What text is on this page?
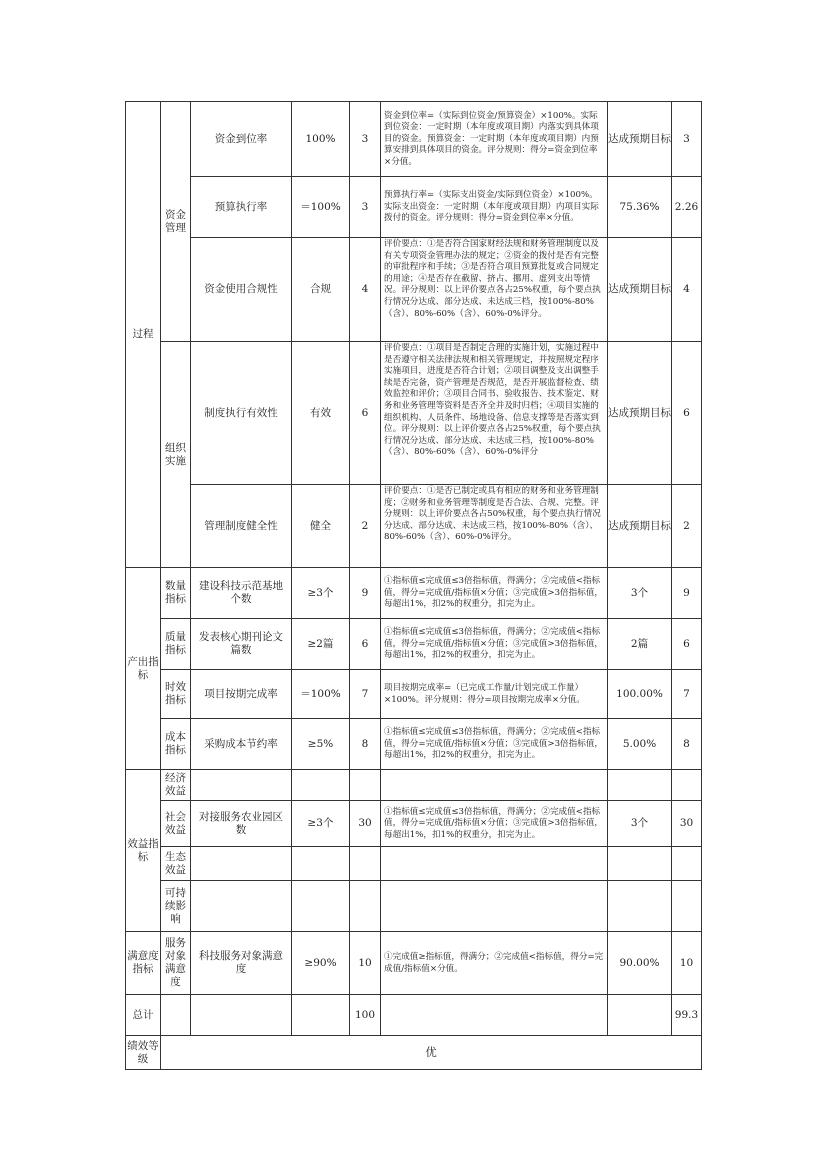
过程	资金管理	资金到位率	100%	3	资金到位率=（实际到位资金/预算资金）×100%。实际到位资金：一定时期（本年度或项目期）内落实到具体项目的资金。预算资金：一定时期（本年度或项目期）内预算安排到具体项目的资金。评分规则：得分=资金到位率×分值。	达成预期目标	3
		预算执行率	＝100%	3	预算执行率=（实际支出资金/实际到位资金）×100%。实际支出资金：一定时期（本年度或项目期）内项目实际拨付的资金。评分规则：得分=资金到位率×分值。	75.36%	2.26
		资金使用合规性	合规	4	评价要点：①是否符合国家财经法规和财务管理制度以及有关专项资金管理办法的规定；②资金的拨付是否有完整的审批程序和手续；③是否符合项目预算批复或合同规定的用途；④是否存在截留、挤占、挪用、虚列支出等情况。评分规则：以上评价要点各占25%权重，每个要点执行情况分达成、部分达成、未达成三档，按100%-80%（含）、80%-60%（含）、60%-0%评分。	达成预期目标	4
	组织实施	制度执行有效性	有效	6	评价要点：①项目是否制定合理的实施计划，实施过程中是否遵守相关法律法规和相关管理规定，并按照规定程序实施项目，进度是否符合计划；②项目调整及支出调整手续是否完备，资产管理是否规范，是否开展监督检查、绩效监控和评价；③项目合同书、验收报告、技术鉴定、财务和业务管理等资料是否齐全并及时归档；④项目实施的组织机构、人员条件、场地设备、信息支撑等是否落实到位。评分规则：以上评价要点各占25%权重，每个要点执行情况分达成、部分达成、未达成三档，按100%-80%（含）、80%-60%（含）、60%-0%评分	达成预期目标	6
		管理制度健全性	健全	2	评价要点：①是否已制定或具有相应的财务和业务管理制度；②财务和业务管理等制度是否合法、合规、完整。评分规则：以上评价要点各占50%权重，每个要点执行情况分达成、部分达成、未达成三档，按100%-80%（含）、80%-60%（含）、60%-0%评分。	达成预期目标	2
产出指标	数量指标	建设科技示范基地个数	≥3个	9	①指标值≤完成值≤3倍指标值，得满分；②完成值<指标值，得分=完成值/指标值×分值；③完成值>3倍指标值，每超出1%，扣2%的权重分，扣完为止。	3个	9
	质量指标	发表核心期刊论文篇数	≥2篇	6	①指标值≤完成值≤3倍指标值，得满分；②完成值<指标值，得分=完成值/指标值×分值；③完成值>3倍指标值，每超出1%，扣2%的权重分，扣完为止。	2篇	6
	时效指标	项目按期完成率	＝100%	7	项目按期完成率=（已完成工作量/计划完成工作量）×100%。评分规则：得分=项目按期完成率×分值。	100.00%	7
	成本指标	采购成本节约率	≥5%	8	①指标值≤完成值≤3倍指标值，得满分；②完成值<指标值，得分=完成值/指标值×分值；③完成值>3倍指标值，每超出1%，扣2%的权重分，扣完为止。	5.00%	8
效益指标	经济效益						
	社会效益	对接服务农业园区数	≥3个	30	①指标值≤完成值≤3倍指标值，得满分；②完成值<指标值，得分=完成值/指标值×分值；③完成值>3倍指标值，每超出1%，扣1%的权重分，扣完为止。	3个	30
	生态效益						
	可持续影响						
满意度指标	服务对象满意度	科技服务对象满意度	≥90%	10	①完成值≥指标值，得满分；②完成值<指标值，得分=完成值/指标值×分值。	90.00%	10
总计				100			99.3
绩效等级	优						
